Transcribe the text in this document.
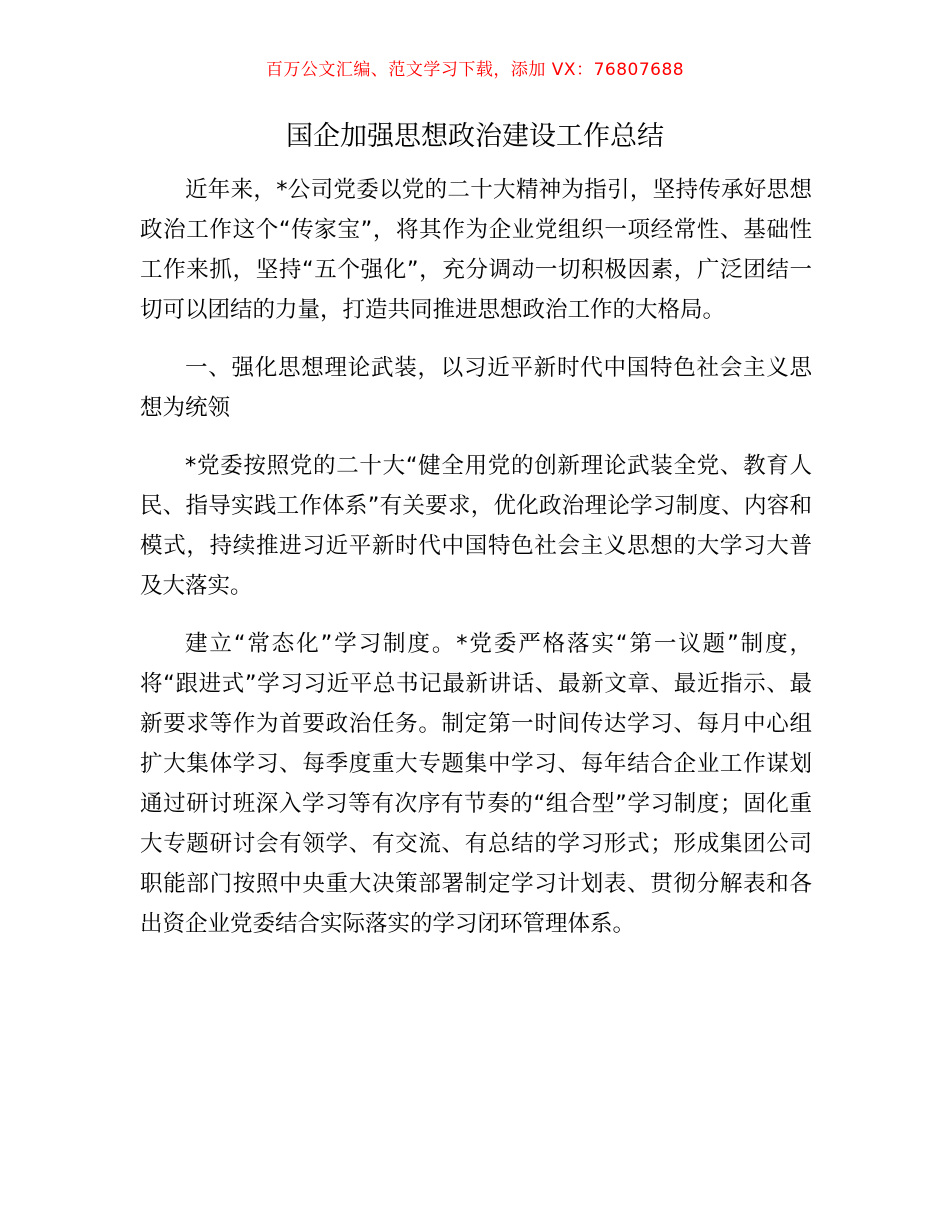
百万公文汇编、范文学习下载，添加 VX：76807688
国企加强思想政治建设工作总结

近年来，*公司党委以党的二十大精神为指引，坚持传承好思想政治工作这个“传家宝”，将其作为企业党组织一项经常性、基础性工作来抓，坚持“五个强化”，充分调动一切积极因素，广泛团结一切可以团结的力量，打造共同推进思想政治工作的大格局。

一、强化思想理论武装，以习近平新时代中国特色社会主义思想为统领

*党委按照党的二十大“健全用党的创新理论武装全党、教育人民、指导实践工作体系”有关要求，优化政治理论学习制度、内容和模式，持续推进习近平新时代中国特色社会主义思想的大学习大普及大落实。

建立“常态化”学习制度。*党委严格落实“第一议题”制度，将“跟进式”学习习近平总书记最新讲话、最新文章、最近指示、最新要求等作为首要政治任务。制定第一时间传达学习、每月中心组扩大集体学习、每季度重大专题集中学习、每年结合企业工作谋划通过研讨班深入学习等有次序有节奏的“组合型”学习制度；固化重大专题研讨会有领学、有交流、有总结的学习形式；形成集团公司职能部门按照中央重大决策部署制定学习计划表、贯彻分解表和各出资企业党委结合实际落实的学习闭环管理体系。
